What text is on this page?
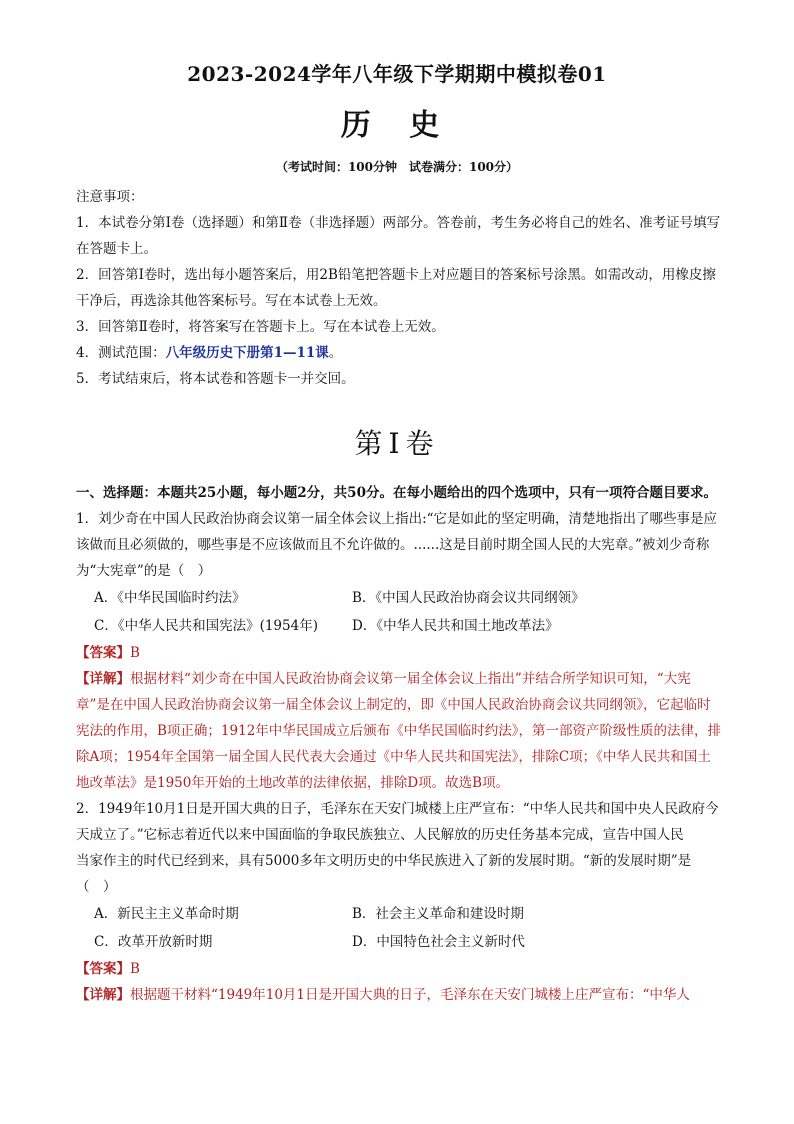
2023-2024学年八年级下学期期中模拟卷01
历 史
（考试时间：100分钟　试卷满分：100分）

注意事项：

1．本试卷分第Ⅰ卷（选择题）和第Ⅱ卷（非选择题）两部分。答卷前，考生务必将自己的姓名、准考证号填写在答题卡上。

2．回答第Ⅰ卷时，选出每小题答案后，用2B铅笔把答题卡上对应题目的答案标号涂黑。如需改动，用橡皮擦干净后，再选涂其他答案标号。写在本试卷上无效。

3．回答第Ⅱ卷时，将答案写在答题卡上。写在本试卷上无效。

4．测试范围：八年级历史下册第1—11课。

5．考试结束后，将本试卷和答题卡一并交回。

第Ⅰ卷

一、选择题：本题共25小题，每小题2分，共50分。在每小题给出的四个选项中，只有一项符合题目要求。

1．刘少奇在中国人民政治协商会议第一届全体会议上指出:“它是如此的坚定明确，清楚地指出了哪些事是应该做而且必须做的，哪些事是不应该做而且不允许做的。......这是目前时期全国人民的大宪章。”被刘少奇称为“大宪章”的是（　）

A．《中华民国临时约法》	B．《中国人民政治协商会议共同纲领》
C．《中华人民共和国宪法》(1954年)	D．《中华人民共和国土地改革法》

【答案】B

【详解】根据材料“刘少奇在中国人民政治协商会议第一届全体会议上指出”并结合所学知识可知，“大宪章”是在中国人民政治协商会议第一届全体会议上制定的，即《中国人民政治协商会议共同纲领》，它起临时宪法的作用，B项正确；1912年中华民国成立后颁布《中华民国临时约法》，第一部资产阶级性质的法律，排除A项；1954年全国第一届全国人民代表大会通过《中华人民共和国宪法》，排除C项；《中华人民共和国土地改革法》是1950年开始的土地改革的法律依据，排除D项。故选B项。

2．1949年10月1日是开国大典的日子，毛泽东在天安门城楼上庄严宣布：“中华人民共和国中央人民政府今天成立了。”它标志着近代以来中国面临的争取民族独立、人民解放的历史任务基本完成，宣告中国人民

当家作主的时代已经到来，具有5000多年文明历史的中华民族进入了新的发展时期。“新的发展时期”是（　）

A．新民主主义革命时期	B．社会主义革命和建设时期
C．改革开放新时期	D．中国特色社会主义新时代

【答案】B

【详解】根据题干材料“1949年10月1日是开国大典的日子，毛泽东在天安门城楼上庄严宣布：“中华人
